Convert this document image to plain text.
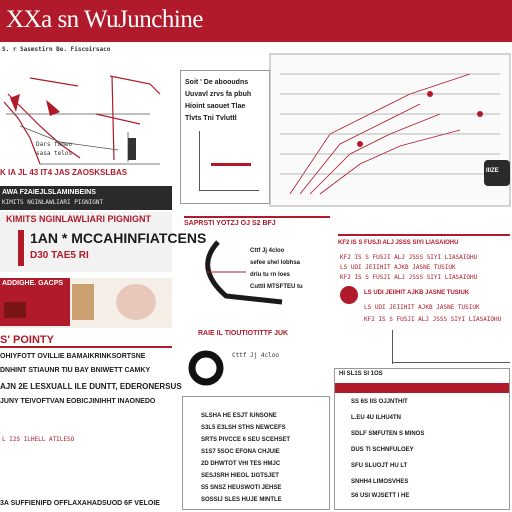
XXa sn WuJunchine
S. r Sasmstirn Be. Fiscoirsaco
Dars fomeo
sasa telos
K IA JL 43 IT4 JAS ZAOSKSLBAS
AWA F2AIEJLSLAMINBEINS
KIMITS NGINLAWLIARI PIGNIGNT
KIMITS NGINLAWLIARI PIGNIGNT
1AN * MCCAHINFIATCENS
D30 TAE5 RI
ADDIGHE. GACPS
S' POINTY
OHIYFOTT OVILLIE BAMAIKRINKSORTSNE
DNHINT STIAUNR TIU BAY BNIWETT CAMKY
AJN 2E LESXUALL ILE DUNTT, EDERONERSUS
JUNY TEIVOFTVAN EOBICJINIHHT INAONEDO
L I2S ILHELL ATILESO
3A SUFFIENIFD OFFLAXAHADSUOD 6F VELOIE
Soit ' De abooudns
Uuvavl zrvs fa pbuh
Hioint saouet Tlae
Tlvts Tni Tvluttl
IIIZE
SAPRSTI YOTZJ OJ S2 BFJ
Cttf Jj 4cloo
sefee shel lobhsa
drlu tu rn loes
Cuttll MTSFTEU tu
RAIE IL TIOUTIOTITTF JUK
Cttf Jj 4cloo
SLSHA HE ESJT IUNSONE
S3L5 E3LSH STHS NEWCEFS
SRTS PIVCCE 6 SEU SCEHSET
S1S7 5SOC EFONA CHJUIE
2D DHWTOT VHI TES HMJC
SESJSRH HIEOL 1IGTSJET
S5 SNSZ HEUSWOTI JEHSE
SOSSIJ SLES HUJE MINTLE
KF2 IS S FUSJI ALJ JSSS SIYI LIASAIOHU
KF2 IS S FUSJI ALJ JSSS SIYI LIASAIOHU
LS UDI JEIIHIT AJKB JASNE TUSIUK
KF2 IS S FUSJI ALJ JSSS SIYI LIASAIOHU
LS UDI JEIIHIT AJKB JASNE TUSIUK
LS UDI JEIIHIT AJKB JASNE TUSIUK
KF2 IS S FUSJI ALJ JSSS SIYI LIASAIOHU
HI SL1S SI 1OS
SS 6S IIS OJJNTHIT
L.EU 4U ILHU4TN
SDLF SMFUTEN S MINOS
DUS TI SCHNFULOEY
SFU SLUOJT HU LT
SNHH4 LIMOSVHES
S6 USI WJSETT I HE
